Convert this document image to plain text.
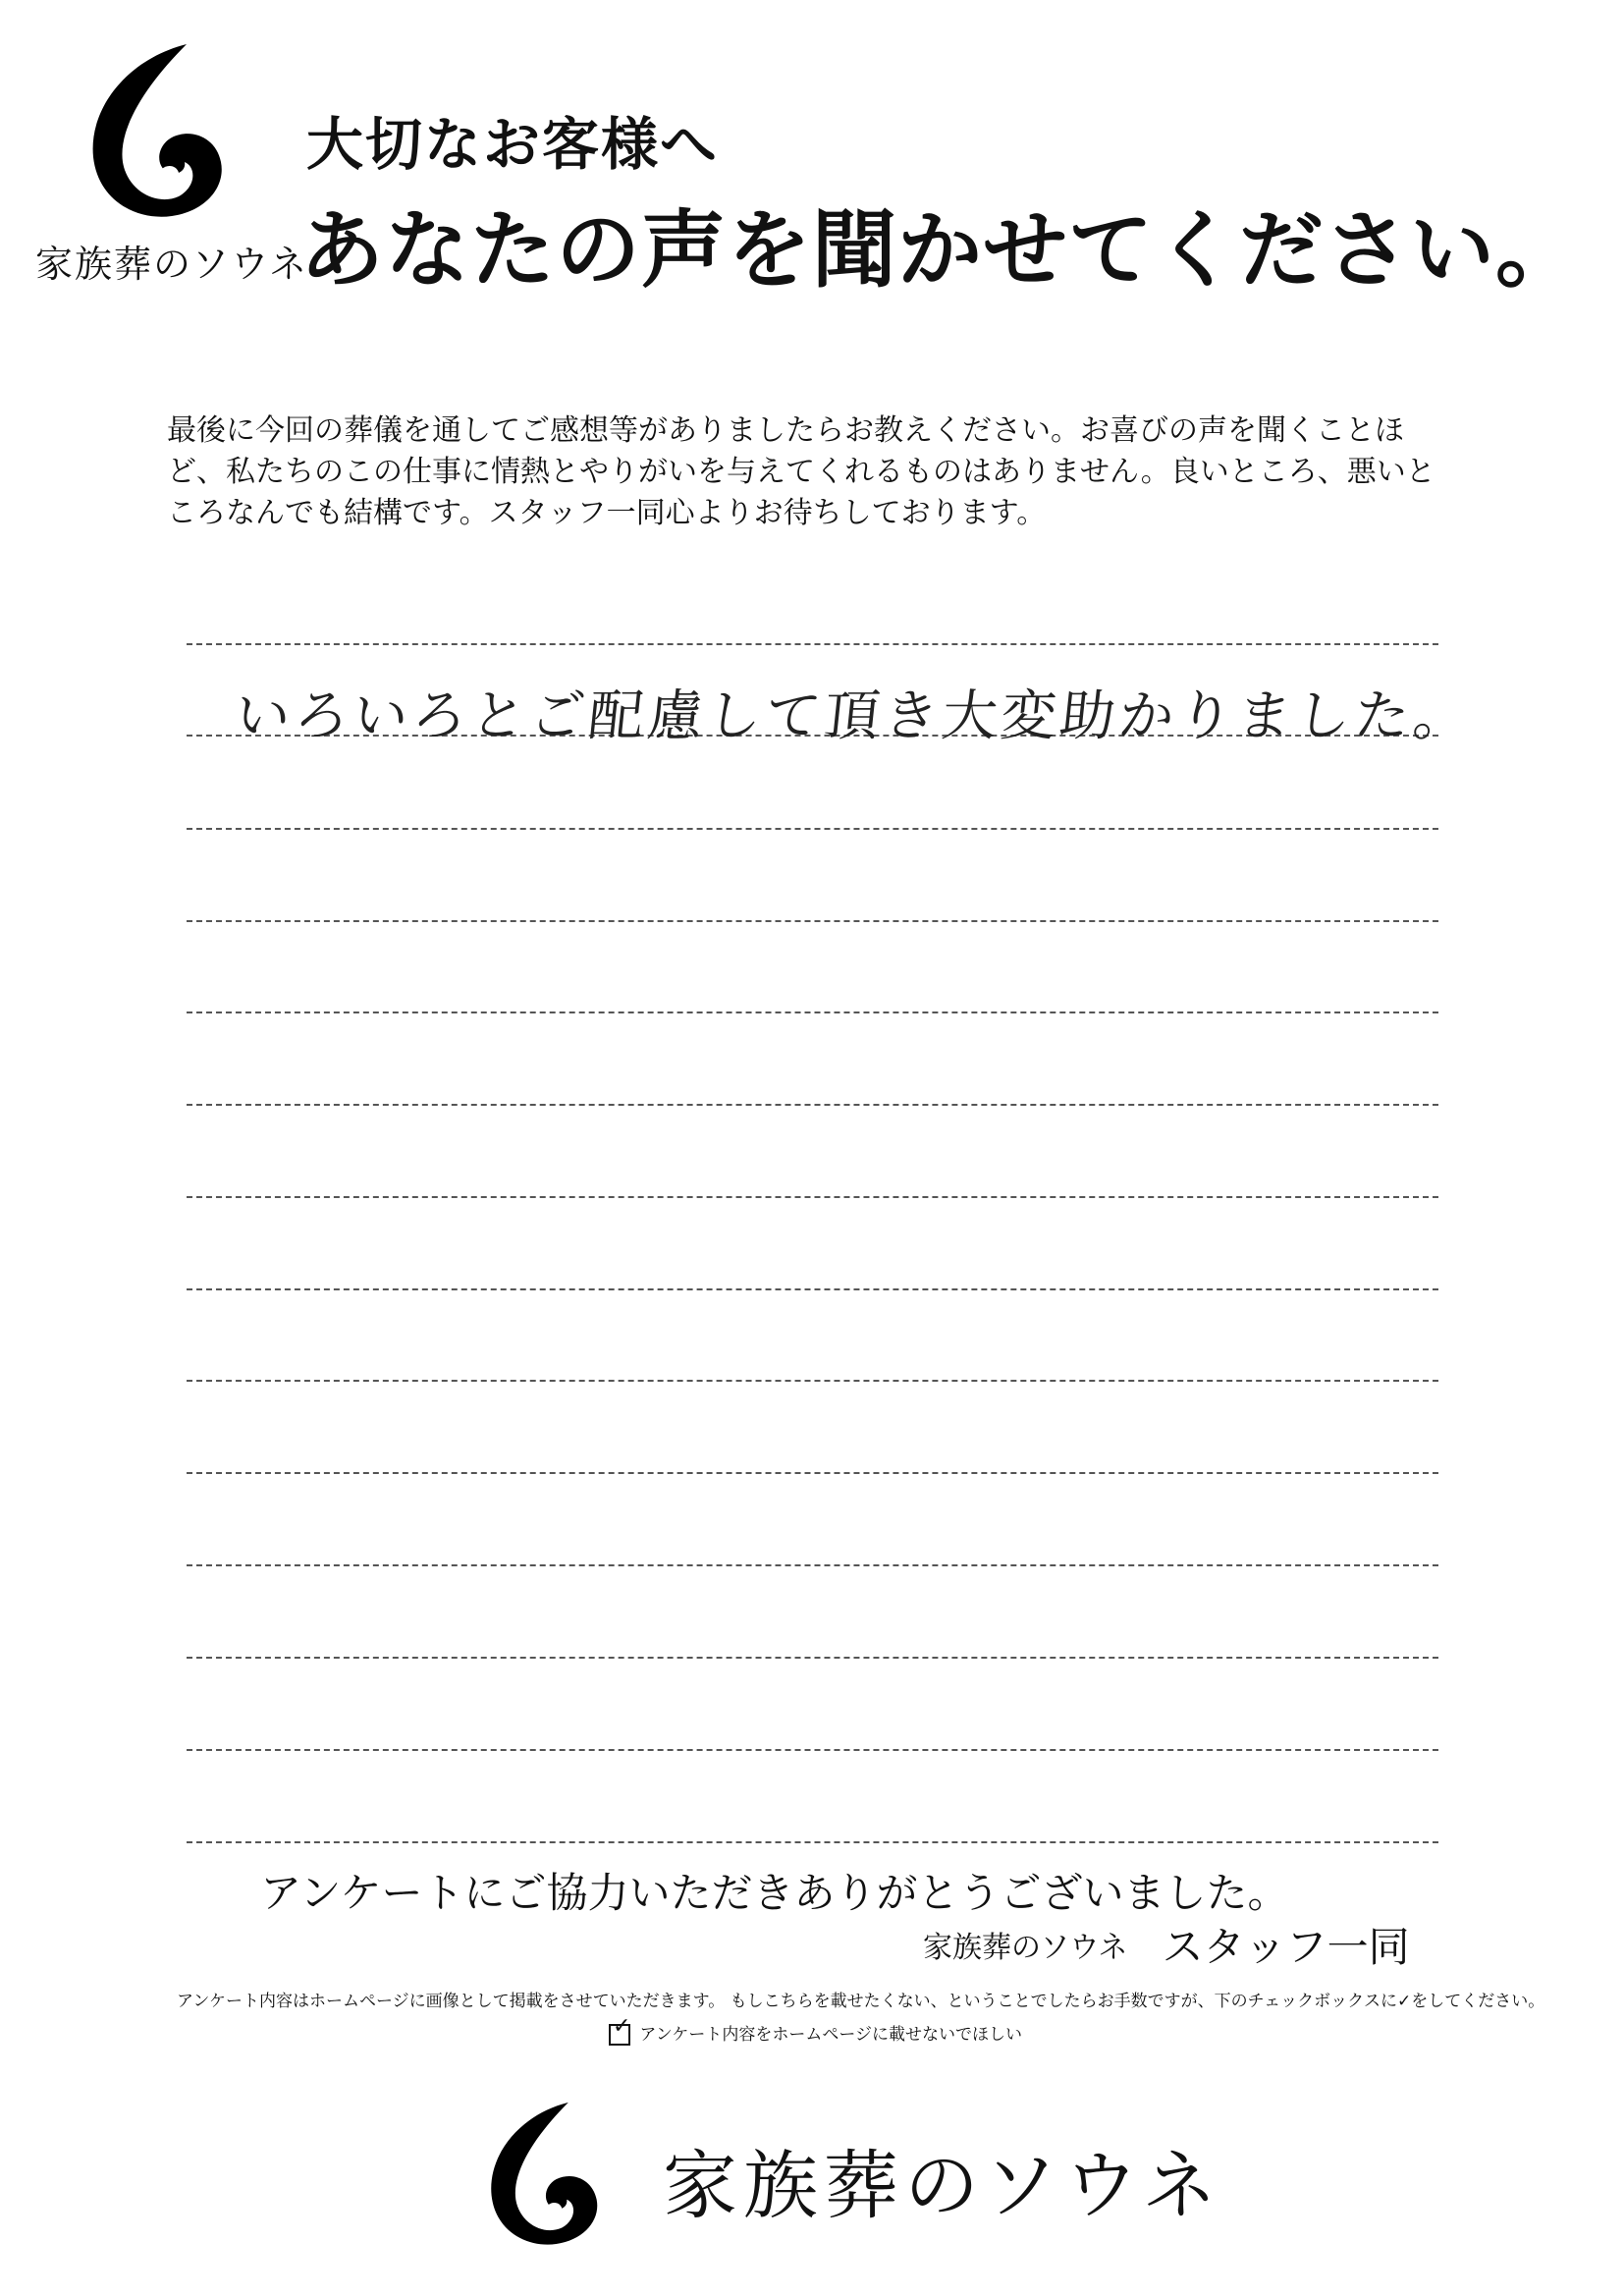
家族葬のソウネ
大切なお客様へ
あなたの声を聞かせてください。
最後に今回の葬儀を通してご感想等がありましたらお教えください。お喜びの声を聞くことほど、私たちのこの仕事に情熱とやりがいを与えてくれるものはありません。良いところ、悪いところなんでも結構です。スタッフ一同心よりお待ちしております。
いろいろとご配慮して頂き大変助かりました。
アンケートにご協力いただきありがとうございました。
家族葬のソウネ スタッフ一同
アンケート内容はホームページに画像として掲載をさせていただきます。 もしこちらを載せたくない、ということでしたらお手数ですが、下のチェックボックスに✓をしてください。
✓ アンケート内容をホームページに載せないでほしい
家族葬のソウネ
